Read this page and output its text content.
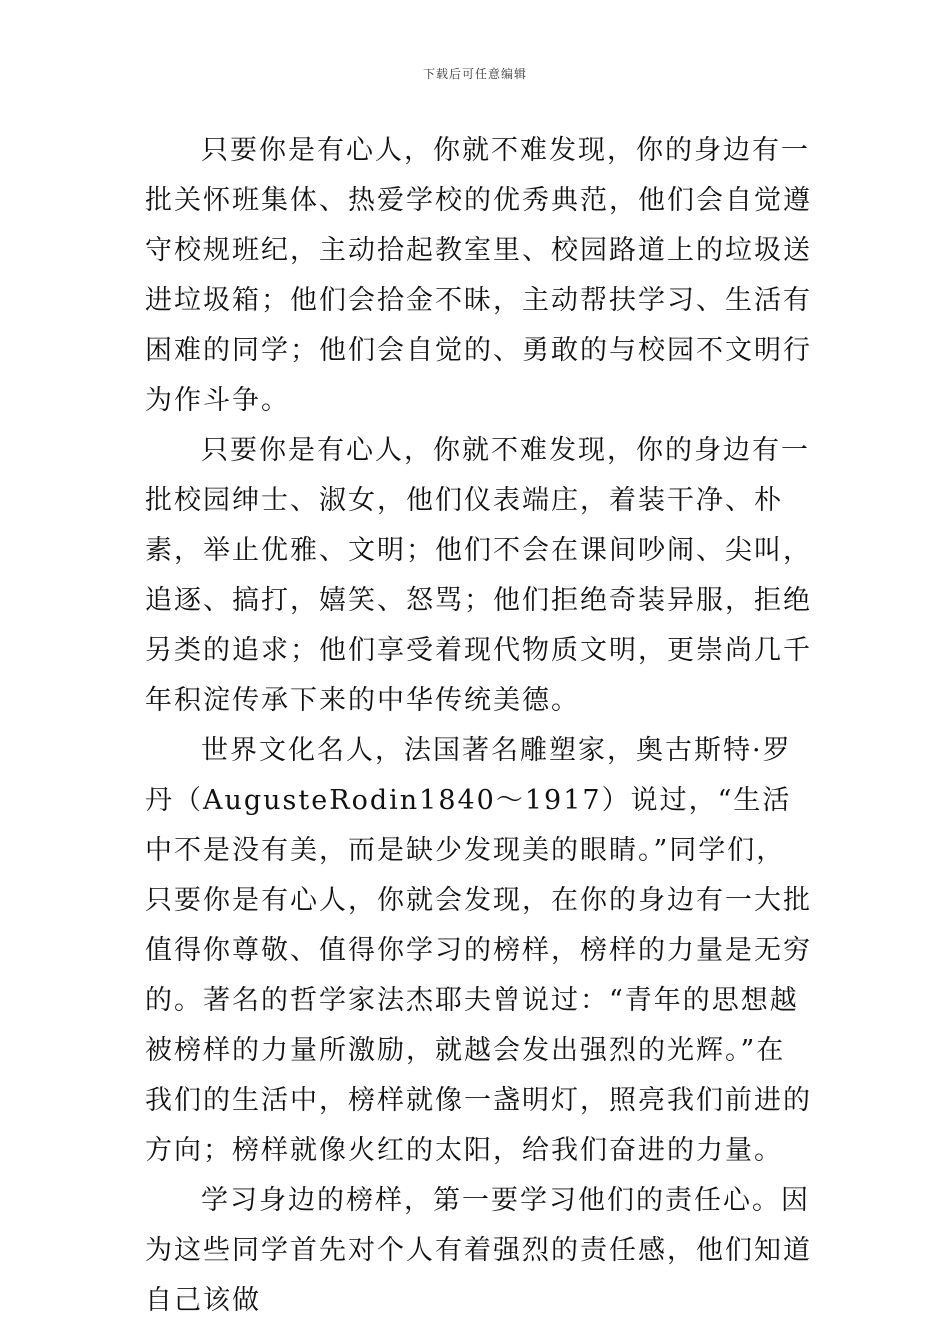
下载后可任意编辑

只要你是有心人，你就不难发现，你的身边有一批关怀班集体、热爱学校的优秀典范，他们会自觉遵守校规班纪，主动拾起教室里、校园路道上的垃圾送进垃圾箱；他们会拾金不昧，主动帮扶学习、生活有困难的同学；他们会自觉的、勇敢的与校园不文明行为作斗争。

只要你是有心人，你就不难发现，你的身边有一批校园绅士、淑女，他们仪表端庄，着装干净、朴素，举止优雅、文明；他们不会在课间吵闹、尖叫，追逐、搞打，嬉笑、怒骂；他们拒绝奇装异服，拒绝另类的追求；他们享受着现代物质文明，更崇尚几千年积淀传承下来的中华传统美德。

世界文化名人，法国著名雕塑家，奥古斯特·罗丹（AugusteRodin1840～1917）说过，“生活中不是没有美，而是缺少发现美的眼睛。”同学们，只要你是有心人，你就会发现，在你的身边有一大批值得你尊敬、值得你学习的榜样，榜样的力量是无穷的。著名的哲学家法杰耶夫曾说过：“青年的思想越被榜样的力量所激励，就越会发出强烈的光辉。”在我们的生活中，榜样就像一盏明灯，照亮我们前进的方向；榜样就像火红的太阳，给我们奋进的力量。

学习身边的榜样，第一要学习他们的责任心。因为这些同学首先对个人有着强烈的责任感，他们知道自己该做
